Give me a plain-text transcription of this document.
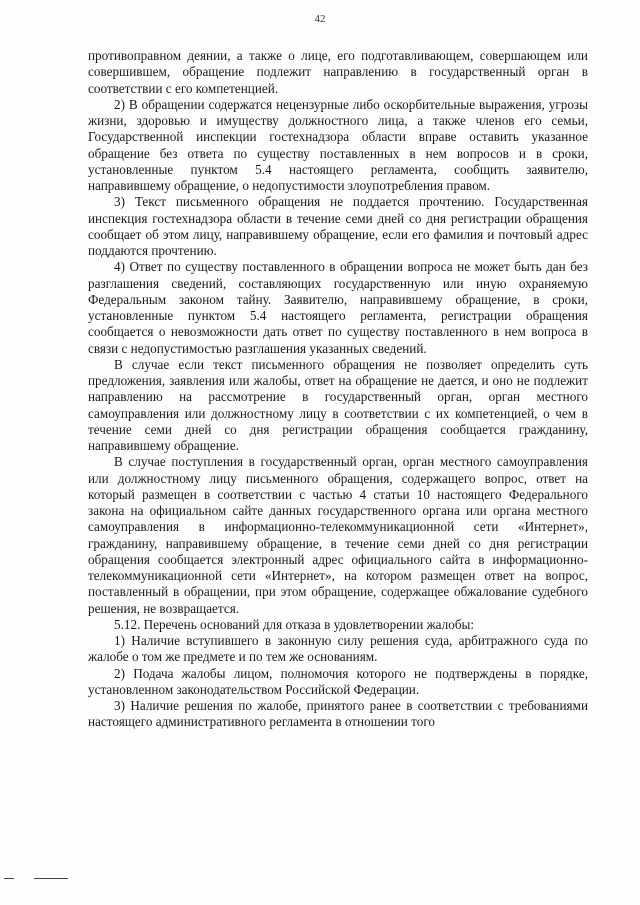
42

противоправном деянии, а также о лице, его подготавливающем, совершающем или совершившем, обращение подлежит направлению в государственный орган в соответствии с его компетенцией.

2) В обращении содержатся нецензурные либо оскорбительные выражения, угрозы жизни, здоровью и имуществу должностного лица, а также членов его семьи, Государственной инспекции гостехнадзора области вправе оставить указанное обращение без ответа по существу поставленных в нем вопросов и в сроки, установленные пунктом 5.4 настоящего регламента, сообщить заявителю, направившему обращение, о недопустимости злоупотребления правом.

3) Текст письменного обращения не поддается прочтению. Государственная инспекция гостехнадзора области в течение семи дней со дня регистрации обращения сообщает об этом лицу, направившему обращение, если его фамилия и почтовый адрес поддаются прочтению.

4) Ответ по существу поставленного в обращении вопроса не может быть дан без разглашения сведений, составляющих государственную или иную охраняемую Федеральным законом тайну. Заявителю, направившему обращение, в сроки, установленные пунктом 5.4 настоящего регламента, регистрации обращения сообщается о невозможности дать ответ по существу поставленного в нем вопроса в связи с недопустимостью разглашения указанных сведений.

В случае если текст письменного обращения не позволяет определить суть предложения, заявления или жалобы, ответ на обращение не дается, и оно не подлежит направлению на рассмотрение в государственный орган, орган местного самоуправления или должностному лицу в соответствии с их компетенцией, о чем в течение семи дней со дня регистрации обращения сообщается гражданину, направившему обращение.

В случае поступления в государственный орган, орган местного самоуправления или должностному лицу письменного обращения, содержащего вопрос, ответ на который размещен в соответствии с частью 4 статьи 10 настоящего Федерального закона на официальном сайте данных государственного органа или органа местного самоуправления в информационно-телекоммуникационной сети «Интернет», гражданину, направившему обращение, в течение семи дней со дня регистрации обращения сообщается электронный адрес официального сайта в информационно-телекоммуникационной сети «Интернет», на котором размещен ответ на вопрос, поставленный в обращении, при этом обращение, содержащее обжалование судебного решения, не возвращается.

5.12. Перечень оснований для отказа в удовлетворении жалобы:

1) Наличие вступившего в законную силу решения суда, арбитражного суда по жалобе о том же предмете и по тем же основаниям.

2) Подача жалобы лицом, полномочия которого не подтверждены в порядке, установленном законодательством Российской Федерации.

3) Наличие решения по жалобе, принятого ранее в соответствии с требованиями настоящего административного регламента в отношении того
